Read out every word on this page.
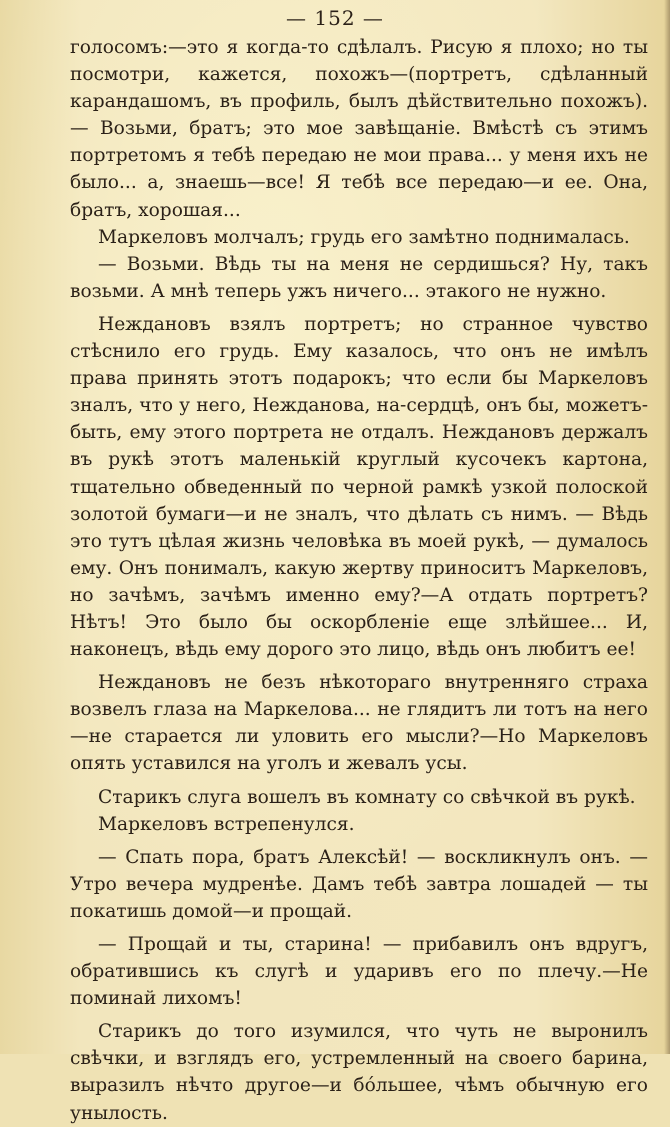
— 152 —

голосомъ:—это я когда-то сдѣлалъ. Рисую я плохо; но ты посмотри, кажется, похожъ—(портретъ, сдѣланный карандашомъ, въ профиль, былъ дѣйствительно похожъ). — Возьми, братъ; это мое завѣщаніе. Вмѣстѣ съ этимъ портретомъ я тебѣ передаю не мои права... у меня ихъ не было... а, знаешь—все! Я тебѣ все передаю—и ее. Она, братъ, хорошая...

Маркеловъ молчалъ; грудь его замѣтно поднималась.

— Возьми. Вѣдь ты на меня не сердишься? Ну, такъ возьми. А мнѣ теперь ужъ ничего... этакого не нужно.

Неждановъ взялъ портретъ; но странное чувство стѣснило его грудь. Ему казалось, что онъ не имѣлъ права принять этотъ подарокъ; что если бы Маркеловъ зналъ, что у него, Нежданова, на-сердцѣ, онъ бы, можетъ-быть, ему этого портрета не отдалъ. Неждановъ держалъ въ рукѣ этотъ маленькій круглый кусочекъ картона, тщательно обведенный по черной рамкѣ узкой полоской золотой бумаги—и не зналъ, что дѣлать съ нимъ. — Вѣдь это тутъ цѣлая жизнь человѣка въ моей рукѣ, — думалось ему. Онъ понималъ, какую жертву приноситъ Маркеловъ, но зачѣмъ, зачѣмъ именно ему?—А отдать портретъ? Нѣтъ! Это было бы оскорбленіе еще злѣйшее... И, наконецъ, вѣдь ему дорого это лицо, вѣдь онъ любитъ ее!

Неждановъ не безъ нѣкотораго внутренняго страха возвелъ глаза на Маркелова... не глядитъ ли тотъ на него—не старается ли уловить его мысли?—Но Маркеловъ опять уставился на уголъ и жевалъ усы.

Старикъ слуга вошелъ въ комнату со свѣчкой въ рукѣ.

Маркеловъ встрепенулся.

— Спать пора, братъ Алексѣй! — воскликнулъ онъ. — Утро вечера мудренѣе. Дамъ тебѣ завтра лошадей — ты покатишь домой—и прощай.

— Прощай и ты, старина! — прибавилъ онъ вдругъ, обратившись къ слугѣ и ударивъ его по плечу.—Не поминай лихомъ!

Старикъ до того изумился, что чуть не выронилъ свѣчки, и взглядъ его, устремленный на своего барина, выразилъ нѣчто другое—и бо́льшее, чѣмъ обычную его унылость.
